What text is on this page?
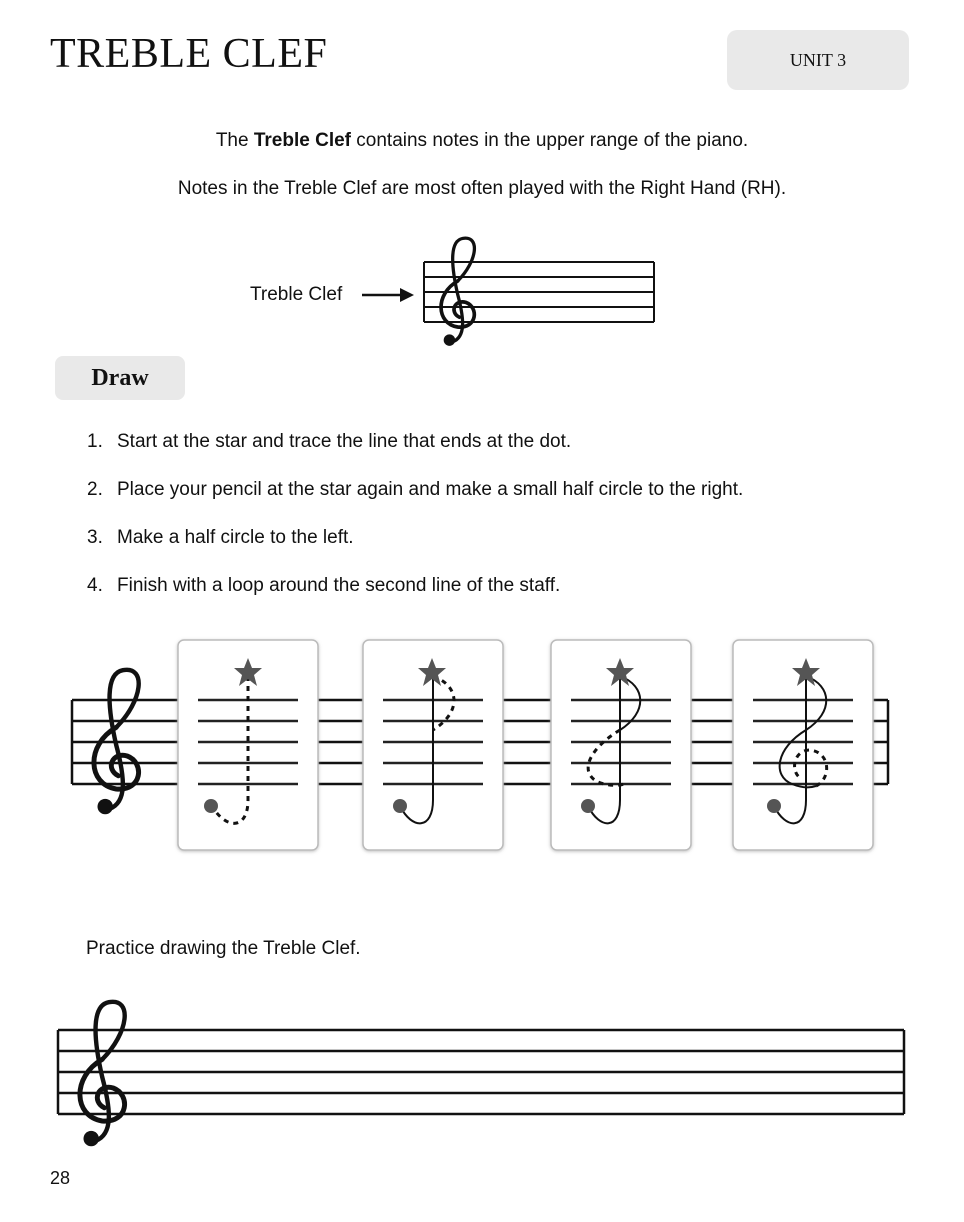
TREBLE CLEF	UNIT 3

The Treble Clef contains notes in the upper range of the piano.

Notes in the Treble Clef are most often played with the Right Hand (RH).

Treble Clef
Draw
1. Start at the star and trace the line that ends at the dot.
2. Place your pencil at the star again and make a small half circle to the right.
3. Make a half circle to the left.
4. Finish with a loop around the second line of the staff.
Practice drawing the Treble Clef.
28
